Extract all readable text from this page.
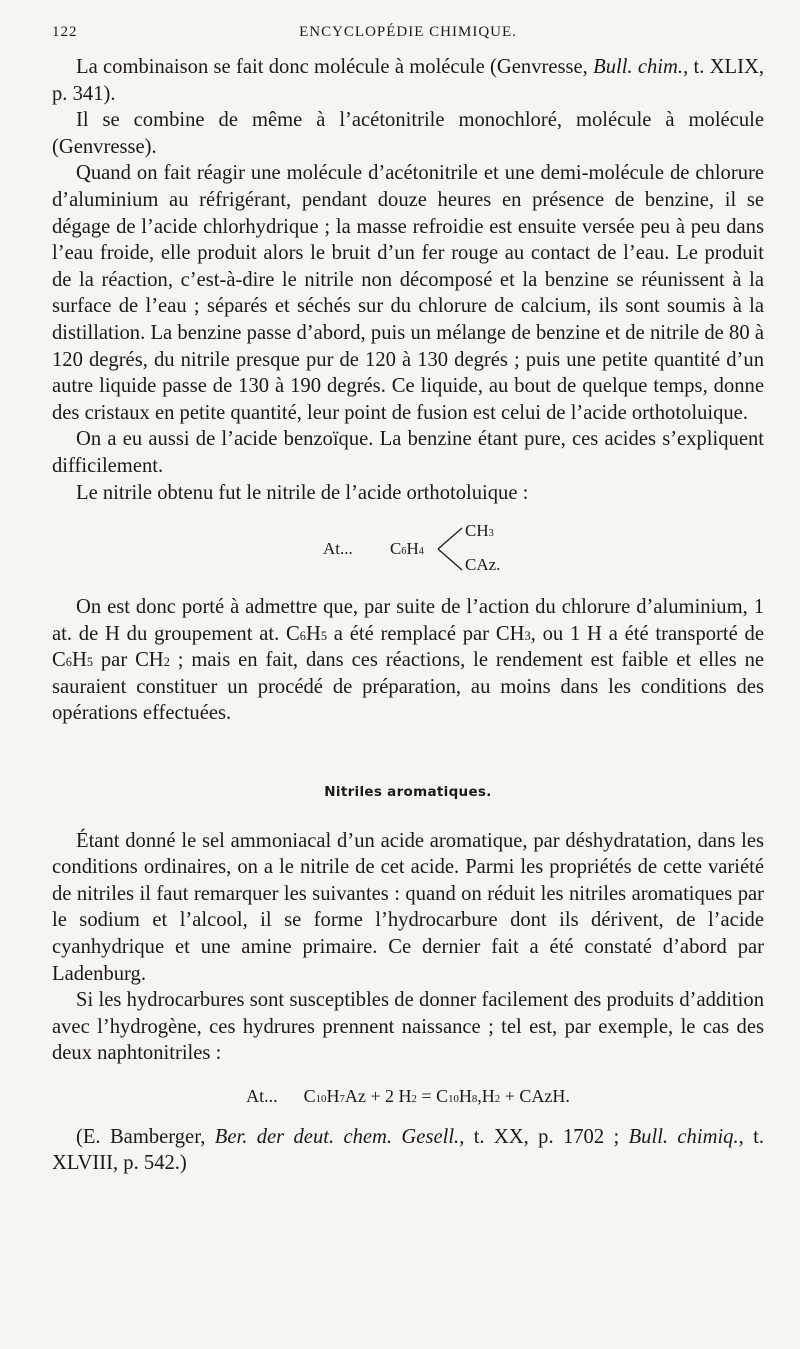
122	ENCYCLOPÉDIE CHIMIQUE.

La combinaison se fait donc molécule à molécule (Genvresse, Bull. chim., t. XLIX, p. 341).

Il se combine de même à l’acétonitrile monochloré, molécule à molécule (Genvresse).

Quand on fait réagir une molécule d’acétonitrile et une demi-molécule de chlorure d’aluminium au réfrigérant, pendant douze heures en présence de benzine, il se dégage de l’acide chlorhydrique ; la masse refroidie est ensuite versée peu à peu dans l’eau froide, elle produit alors le bruit d’un fer rouge au contact de l’eau. Le produit de la réaction, c’est-à-dire le nitrile non décomposé et la benzine se réunissent à la surface de l’eau ; séparés et séchés sur du chlorure de calcium, ils sont soumis à la distillation. La benzine passe d’abord, puis un mélange de benzine et de nitrile de 80 à 120 degrés, du nitrile presque pur de 120 à 130 degrés ; puis une petite quantité d’un autre liquide passe de 130 à 190 degrés. Ce liquide, au bout de quelque temps, donne des cristaux en petite quantité, leur point de fusion est celui de l’acide orthotoluique.

On a eu aussi de l’acide benzoïque. La benzine étant pure, ces acides s’expliquent difficilement.

Le nitrile obtenu fut le nitrile de l’acide orthotoluique :

At... $C^6H^4$
$CH^3$
CAz.

On est donc porté à admettre que, par suite de l’action du chlorure d’aluminium, 1 at. de H du groupement at. $C^6H^5$ a été remplacé par $CH^3$, ou 1 H a été transporté de $C^6H^5$ par $CH^2$ ; mais en fait, dans ces réactions, le rendement est faible et elles ne sauraient constituer un procédé de préparation, au moins dans les conditions des opérations effectuées.

Nitriles aromatiques.

Étant donné le sel ammoniacal d’un acide aromatique, par déshydratation, dans les conditions ordinaires, on a le nitrile de cet acide. Parmi les propriétés de cette variété de nitriles il faut remarquer les suivantes : quand on réduit les nitriles aromatiques par le sodium et l’alcool, il se forme l’hydrocarbure dont ils dérivent, de l’acide cyanhydrique et une amine primaire. Ce dernier fait a été constaté d’abord par Ladenburg.

Si les hydrocarbures sont susceptibles de donner facilement des produits d’addition avec l’hydrogène, ces hydrures prennent naissance ; tel est, par exemple, le cas des deux naphtonitriles :

At... $C^{10}H^7Az + 2$ $H^2 = C^{10}H^8,H^2$ + CAzH.

(E. Bamberger, Ber. der deut. chem. Gesell., t. XX, p. 1702 ; Bull. chimiq., t. XLVIII, p. 542.)
